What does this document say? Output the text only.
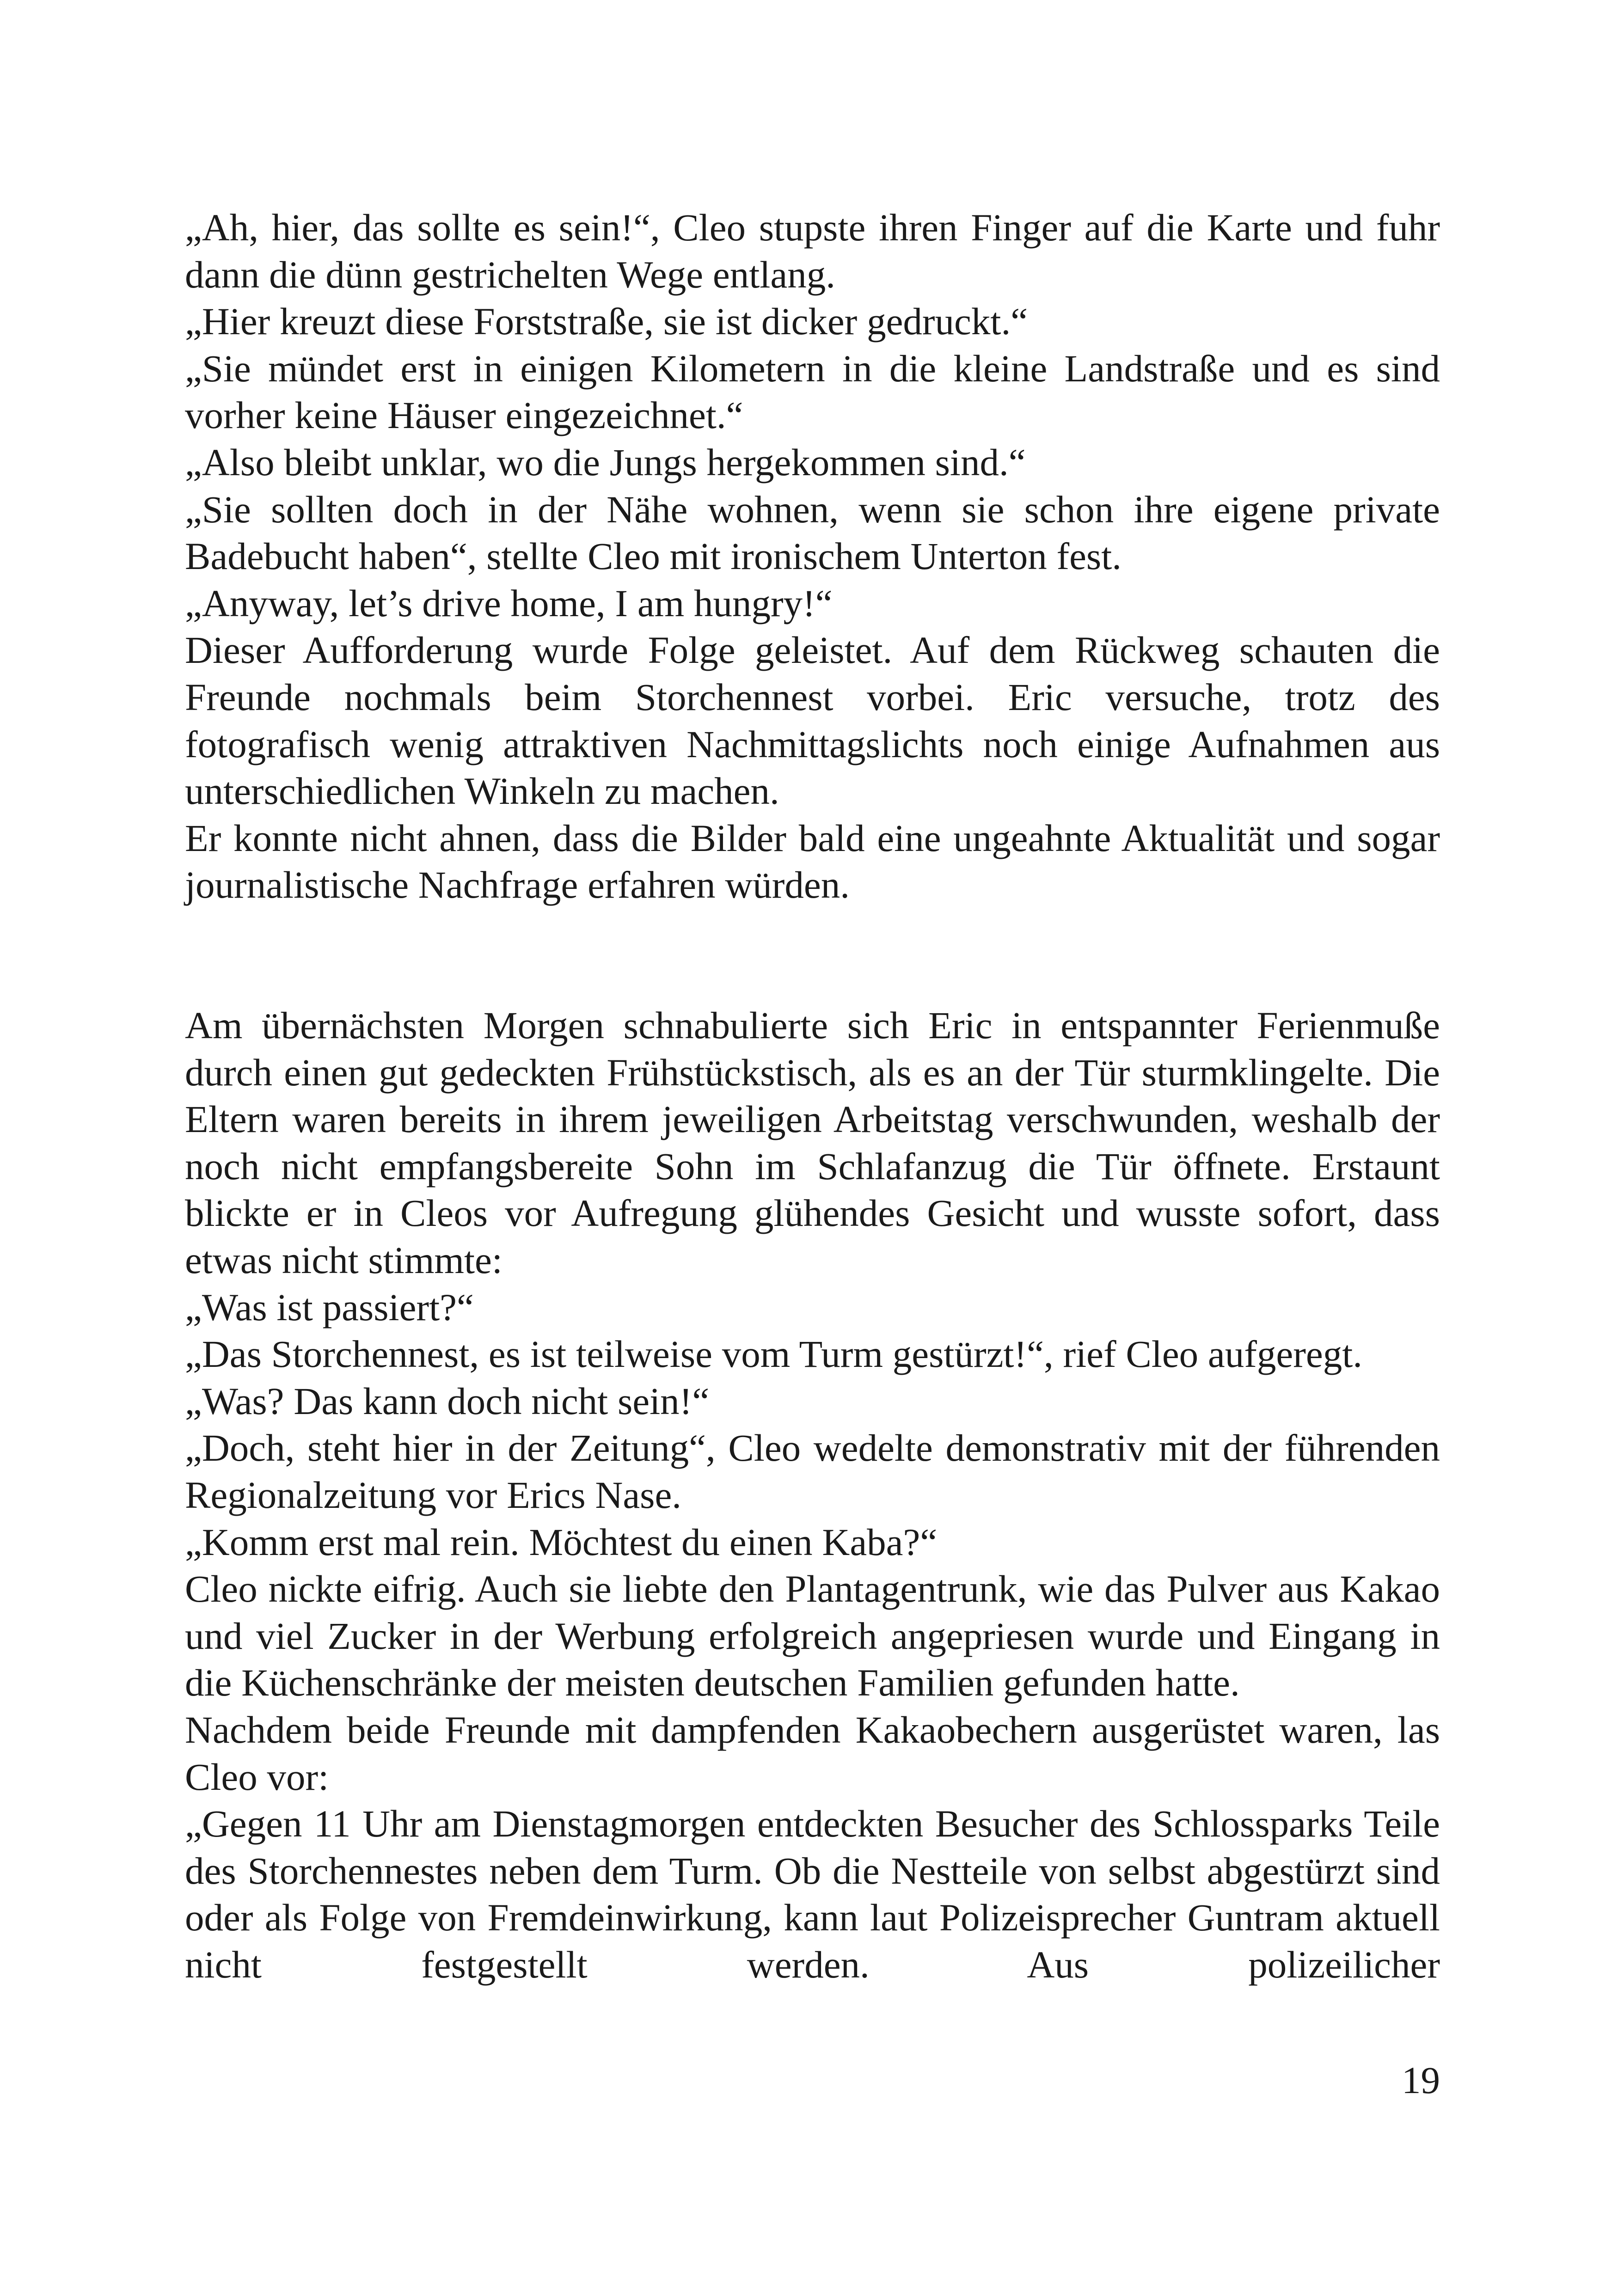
„Ah, hier, das sollte es sein!“, Cleo stupste ihren Finger auf die Karte und fuhr dann die dünn gestrichelten Wege entlang.

„Hier kreuzt diese Forststraße, sie ist dicker gedruckt.“

„Sie mündet erst in einigen Kilometern in die kleine Landstraße und es sind vorher keine Häuser eingezeichnet.“

„Also bleibt unklar, wo die Jungs hergekommen sind.“

„Sie sollten doch in der Nähe wohnen, wenn sie schon ihre eigene private Badebucht haben“, stellte Cleo mit ironischem Unterton fest.

„Anyway, let’s drive home, I am hungry!“

Dieser Aufforderung wurde Folge geleistet. Auf dem Rückweg schauten die Freunde nochmals beim Storchennest vorbei. Eric versuche, trotz des fotografisch wenig attraktiven Nachmittagslichts noch einige Aufnahmen aus unterschiedlichen Winkeln zu machen.

Er konnte nicht ahnen, dass die Bilder bald eine ungeahnte Aktualität und sogar journalistische Nachfrage erfahren würden.

Am übernächsten Morgen schnabulierte sich Eric in entspannter Ferienmuße durch einen gut gedeckten Frühstückstisch, als es an der Tür sturmklingelte. Die Eltern waren bereits in ihrem jeweiligen Arbeitstag verschwunden, weshalb der noch nicht empfangsbereite Sohn im Schlafanzug die Tür öffnete. Erstaunt blickte er in Cleos vor Aufregung glühendes Gesicht und wusste sofort, dass etwas nicht stimmte:

„Was ist passiert?“

„Das Storchennest, es ist teilweise vom Turm gestürzt!“, rief Cleo aufgeregt.

„Was? Das kann doch nicht sein!“

„Doch, steht hier in der Zeitung“, Cleo wedelte demonstrativ mit der führenden Regionalzeitung vor Erics Nase.

„Komm erst mal rein. Möchtest du einen Kaba?“

Cleo nickte eifrig. Auch sie liebte den Plantagentrunk, wie das Pulver aus Kakao und viel Zucker in der Werbung erfolgreich angepriesen wurde und Eingang in die Küchenschränke der meisten deutschen Familien gefunden hatte.

Nachdem beide Freunde mit dampfenden Kakaobechern ausgerüstet waren, las Cleo vor:

„Gegen 11 Uhr am Dienstagmorgen entdeckten Besucher des Schlossparks Teile des Storchennestes neben dem Turm. Ob die Nestteile von selbst abgestürzt sind oder als Folge von Fremdeinwirkung, kann laut Polizeisprecher Guntram aktuell nicht festgestellt werden. Aus polizeilicher

19
